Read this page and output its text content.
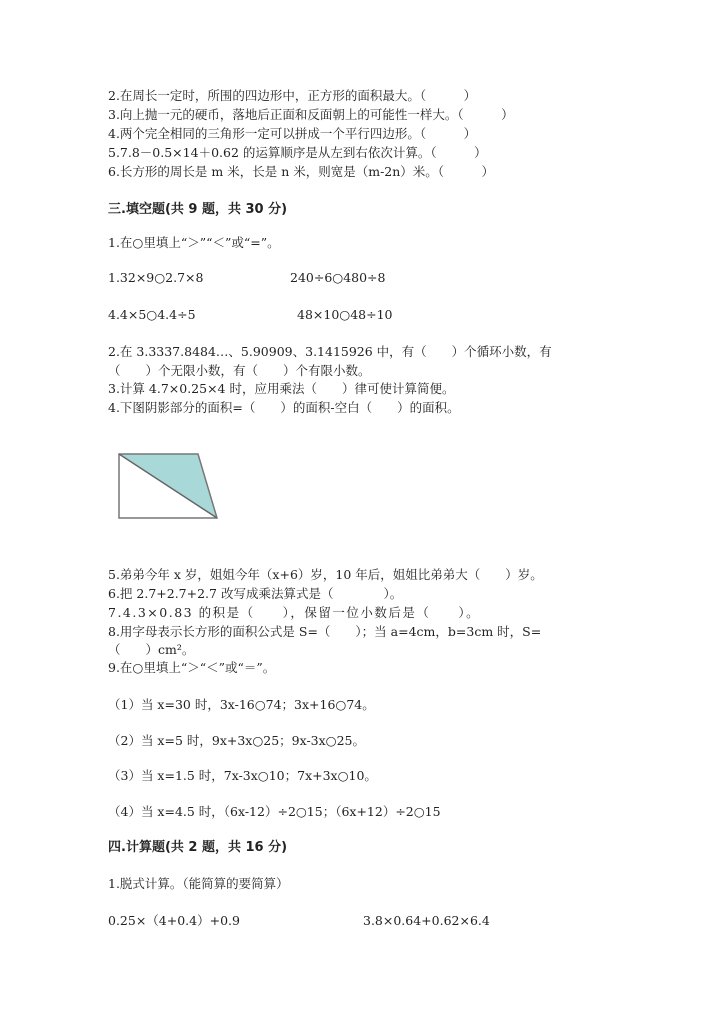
2.在周长一定时，所围的四边形中，正方形的面积最大。（　　　）
3.向上抛一元的硬币，落地后正面和反面朝上的可能性一样大。（　　　）
4.两个完全相同的三角形一定可以拼成一个平行四边形。（　　　）
5.7.8－0.5×14＋0.62 的运算顺序是从左到右依次计算。（　　　）
6.长方形的周长是 m 米，长是 n 米，则宽是（m-2n）米。（　　　）
三.填空题(共 9 题，共 30 分)
1.在○里填上“＞”“＜”或“=”。
1.32×9○2.7×8	240÷6○480÷8
4.4×5○4.4÷5	48×10○48÷10
2.在 3.3337.8484…、5.90909、3.1415926 中，有（　　）个循环小数，有
（　　）个无限小数，有（　　）个有限小数。
3.计算 4.7×0.25×4 时，应用乘法（　　）律可使计算简便。
4.下图阴影部分的面积=（　　）的面积-空白（　　）的面积。
5.弟弟今年 x 岁，姐姐今年（x+6）岁，10 年后，姐姐比弟弟大（　　）岁。
6.把 2.7+2.7+2.7 改写成乘法算式是（　　　　）。
7.4.3×0.83 的积是（　　），保留一位小数后是（　　）。
8.用字母表示长方形的面积公式是 S=（　　）；当 a=4cm，b=3cm 时，S=
（　　）cm²。
9.在○里填上“＞“＜”或“＝”。
（1）当 x=30 时，3x-16○74；3x+16○74。
（2）当 x=5 时，9x+3x○25；9x-3x○25。
（3）当 x=1.5 时，7x-3x○10；7x+3x○10。
（4）当 x=4.5 时，（6x-12）÷2○15；（6x+12）÷2○15
四.计算题(共 2 题，共 16 分)
1.脱式计算。（能简算的要简算）
0.25×（4+0.4）+0.9	3.8×0.64+0.62×6.4
